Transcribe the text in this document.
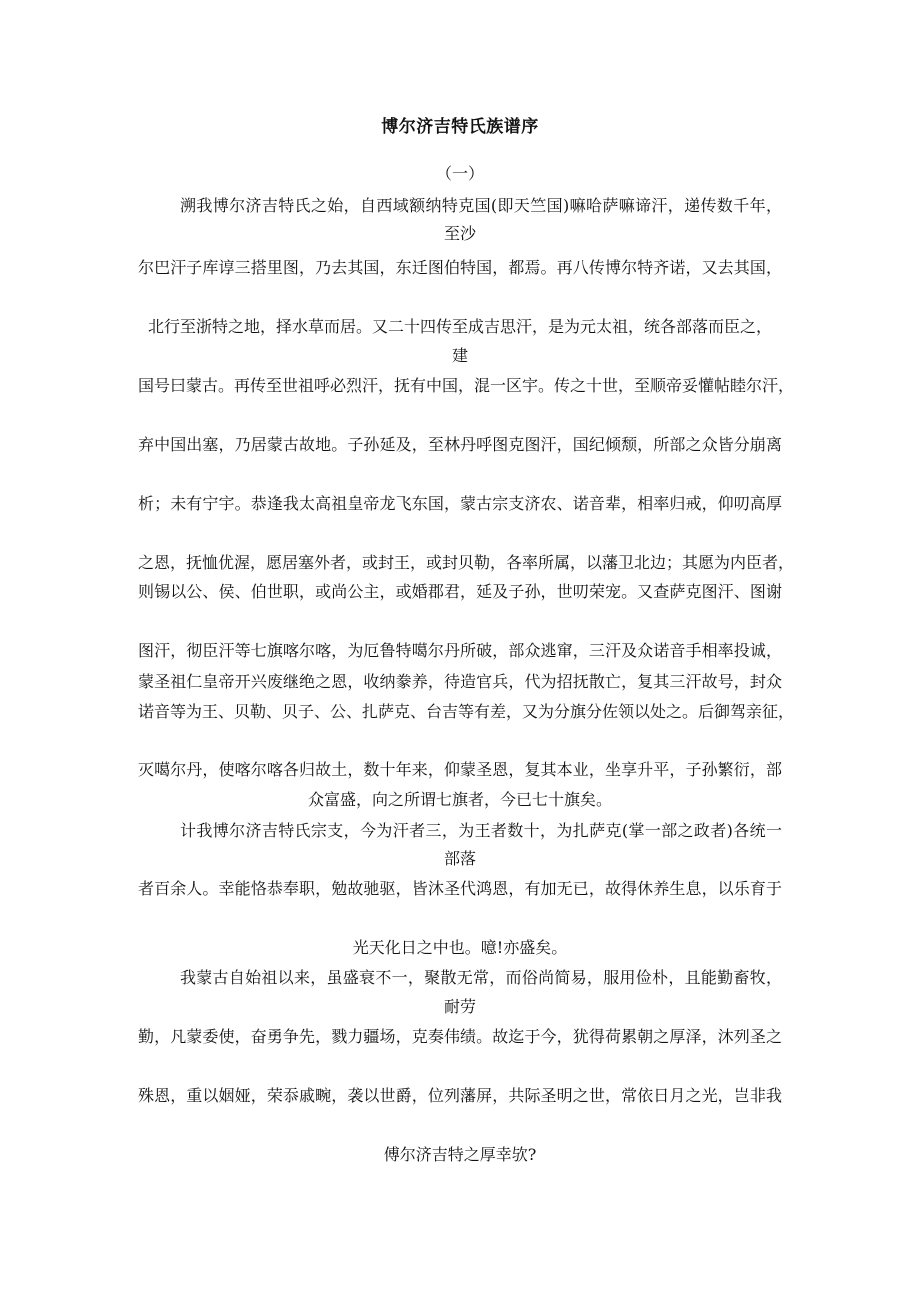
博尔济吉特氏族谱序
（一）
溯我博尔济吉特氏之始，自西域额纳特克国(即天竺国)嘛哈萨嘛谛汗，递传数千年，
至沙
尔巴汗子库谆三搭里图，乃去其国，东迁图伯特国，都焉。再八传博尔特齐诺，又去其国，
北行至浙特之地，择水草而居。又二十四传至成吉思汗，是为元太祖，统各部落而臣之，
建
国号曰蒙古。再传至世祖呼必烈汗，抚有中国，混一区宇。传之十世，至顺帝妥懽帖睦尔汗，
弃中国出塞，乃居蒙古故地。子孙延及，至林丹呼图克图汗，国纪倾颓，所部之众皆分崩离
析；未有宁宇。恭逢我太高祖皇帝龙飞东国，蒙古宗支济农、诺音辈，相率归戒，仰叨高厚
之恩，抚恤优渥，愿居塞外者，或封王，或封贝勒，各率所属，以藩卫北边；其愿为内臣者，
则锡以公、侯、伯世职，或尚公主，或婚郡君，延及子孙，世叨荣宠。又查萨克图汗、图谢
图汗，彻臣汗等七旗喀尔喀，为厄鲁特噶尔丹所破，部众逃窜，三汗及众诺音手相率投诚，
蒙圣祖仁皇帝开兴废继绝之恩，收纳豢养，待造官兵，代为招抚散亡，复其三汗故号，封众
诺音等为王、贝勒、贝子、公、扎萨克、台吉等有差，又为分旗分佐领以处之。后御驾亲征，
灭噶尔丹，使喀尔喀各归故土，数十年来，仰蒙圣恩，复其本业，坐享升平，子孙繁衍，部
众富盛，向之所谓七旗者，今已七十旗矣。
计我博尔济吉特氏宗支，今为汗者三，为王者数十，为扎萨克(掌一部之政者)各统一
部落
者百余人。幸能恪恭奉职，勉故驰驱，皆沐圣代鸿恩，有加无已，故得休养生息，以乐育于
光天化日之中也。噫!亦盛矣。
我蒙古自始祖以来，虽盛衰不一，聚散无常，而俗尚简易，服用俭朴，且能勤畜牧，
耐劳
勤，凡蒙委使，奋勇争先，戮力疆场，克奏伟绩。故迄于今，犹得荷累朝之厚泽，沐列圣之
殊恩，重以姻娅，荣忝戚畹，袭以世爵，位列藩屏，共际圣明之世，常依日月之光，岂非我
傅尔济吉特之厚幸欤?
